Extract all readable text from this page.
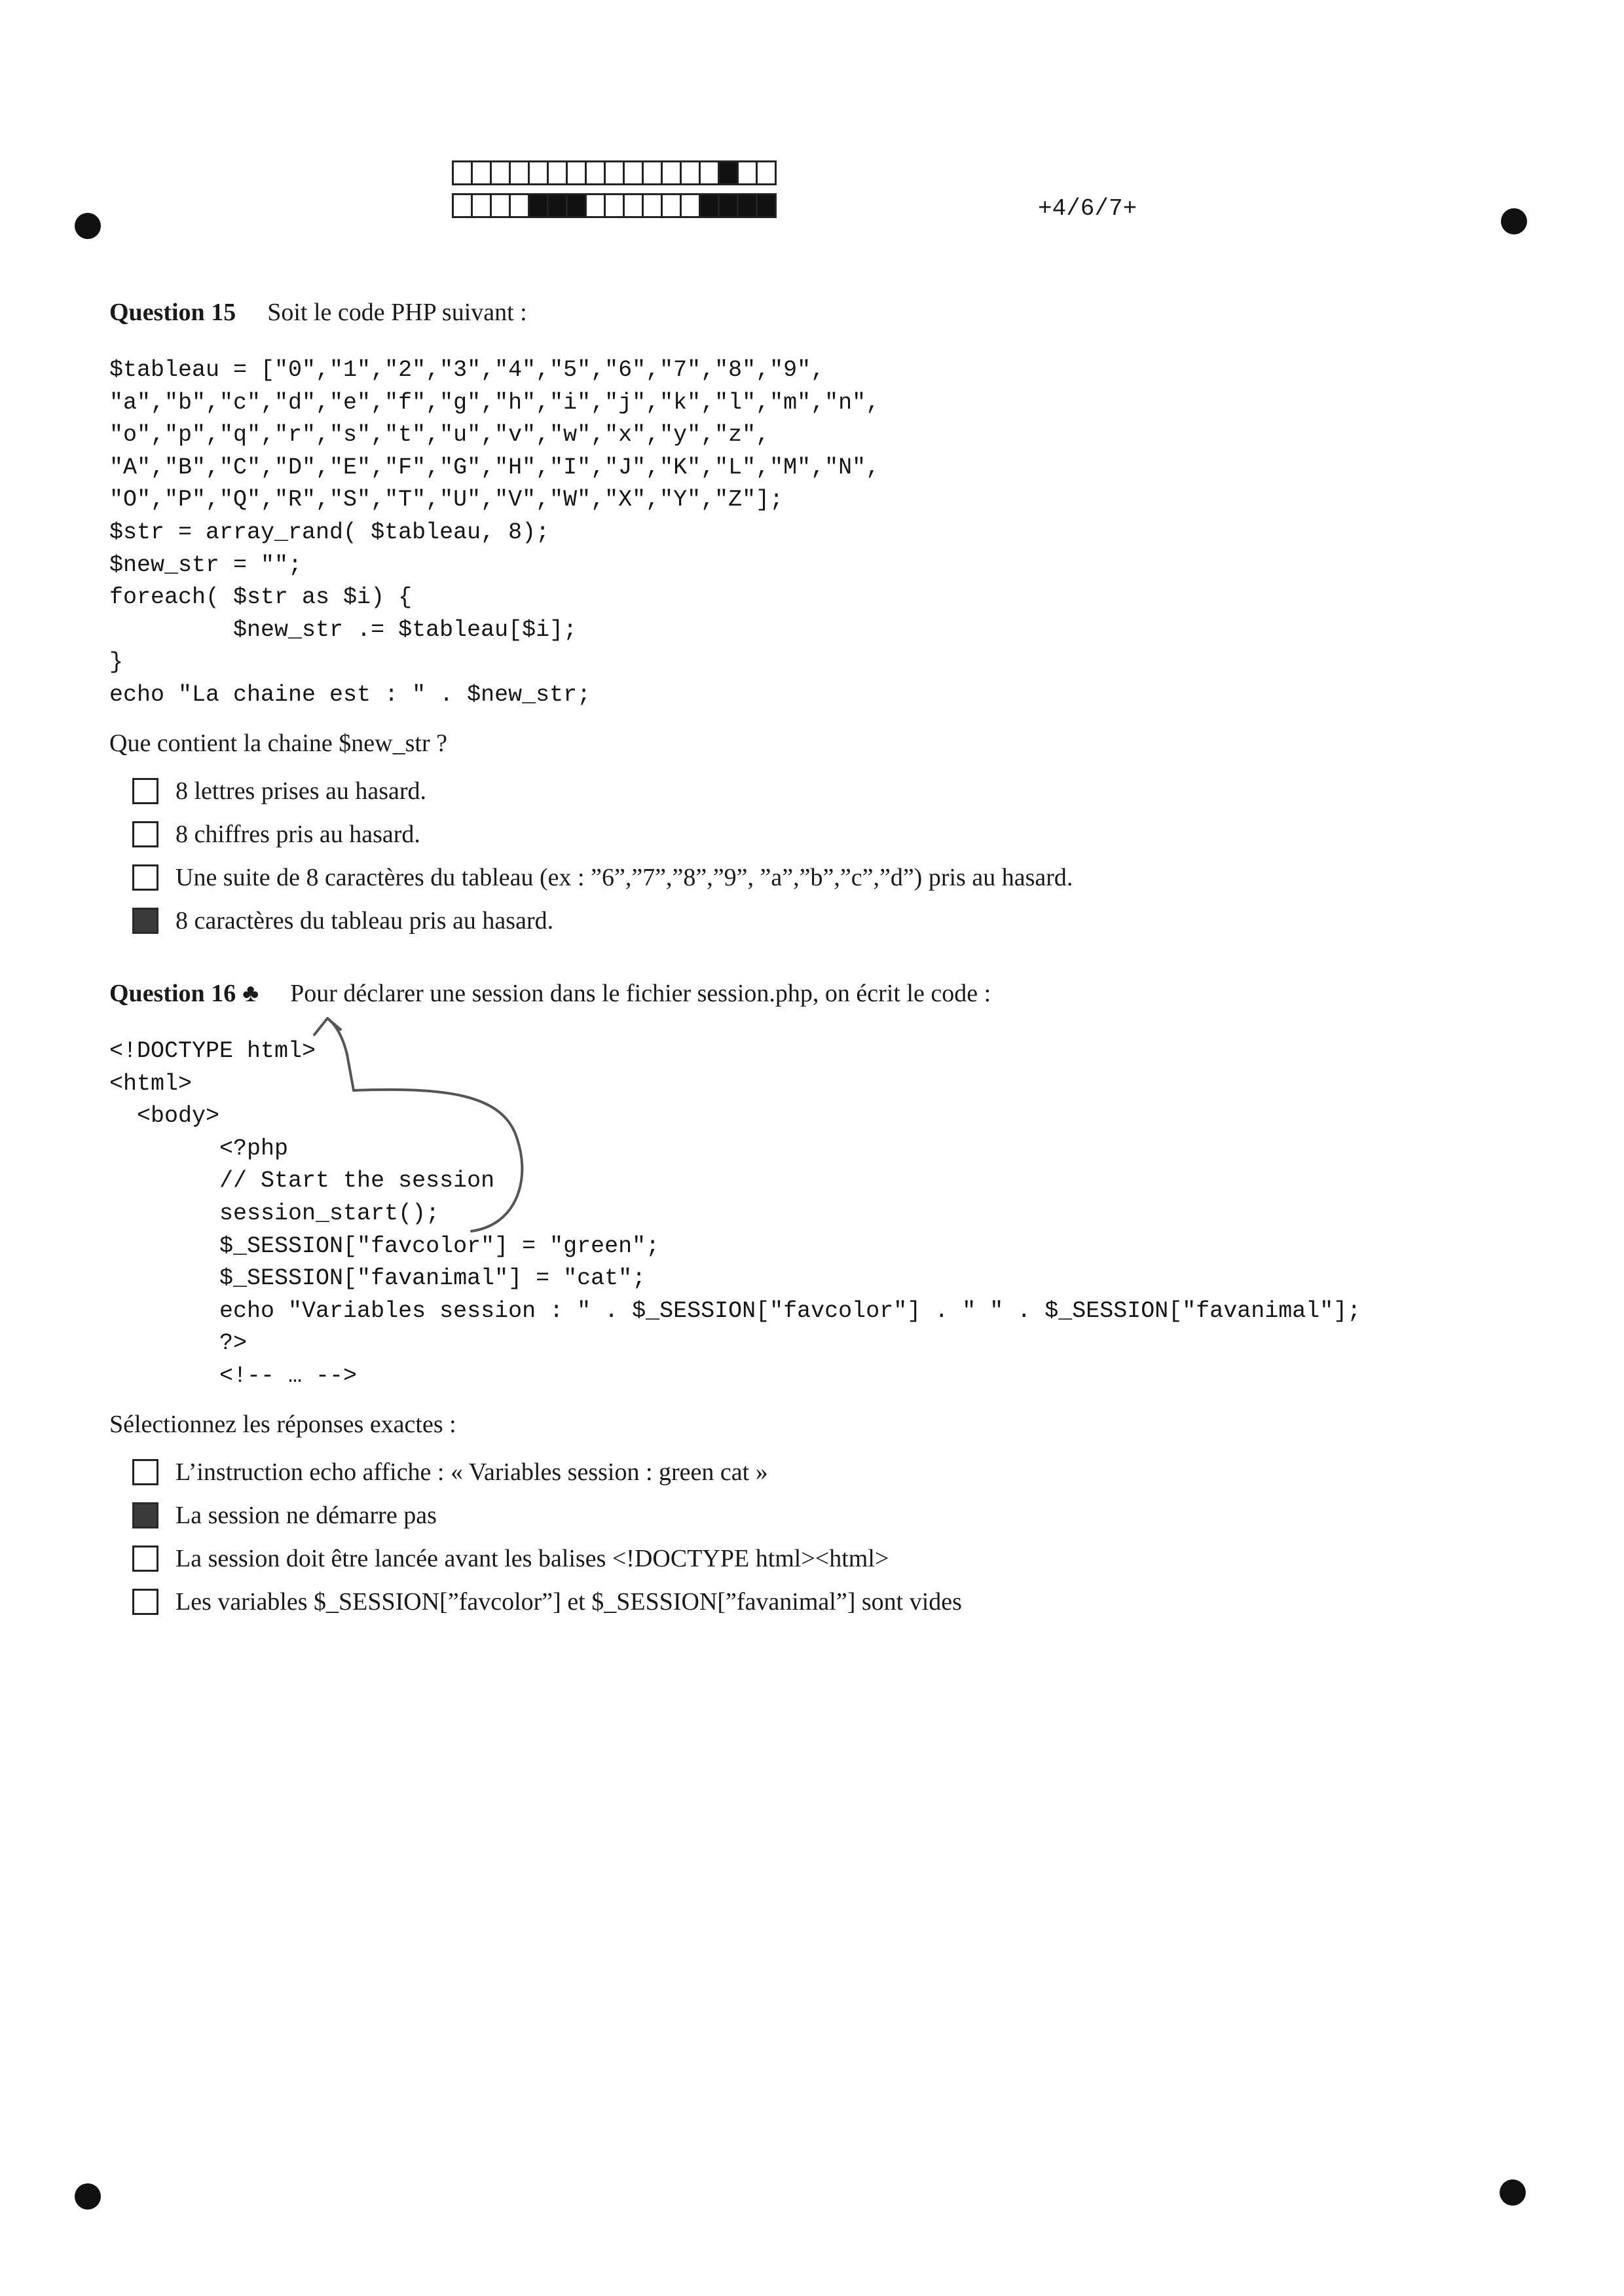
+4/6/7+
Question 15 Soit le code PHP suivant :
$tableau = ["0","1","2","3","4","5","6","7","8","9",
"a","b","c","d","e","f","g","h","i","j","k","l","m","n",
"o","p","q","r","s","t","u","v","w","x","y","z",
"A","B","C","D","E","F","G","H","I","J","K","L","M","N",
"O","P","Q","R","S","T","U","V","W","X","Y","Z"];
$str = array_rand( $tableau, 8);
$new_str = "";
foreach( $str as $i) {
$new_str .= $tableau[$i];
}
echo "La chaine est : " . $new_str;
Que contient la chaine $new_str ?
8 lettres prises au hasard.
8 chiffres pris au hasard.
Une suite de 8 caractères du tableau (ex : ”6”,”7”,”8”,”9”, ”a”,”b”,”c”,”d”) pris au hasard.
8 caractères du tableau pris au hasard.
Question 16 ♣ Pour déclarer une session dans le fichier session.php, on écrit le code :
<!DOCTYPE html>
<html>
<body>
<?php
// Start the session
session_start();
$_SESSION["favcolor"] = "green";
$_SESSION["favanimal"] = "cat";
echo "Variables session : " . $_SESSION["favcolor"] . " " . $_SESSION["favanimal"];
?>
<!-- … -->
Sélectionnez les réponses exactes :
L’instruction echo affiche : « Variables session : green cat »
La session ne démarre pas
La session doit être lancée avant les balises <!DOCTYPE html><html>
Les variables $_SESSION[”favcolor”] et $_SESSION[”favanimal”] sont vides
